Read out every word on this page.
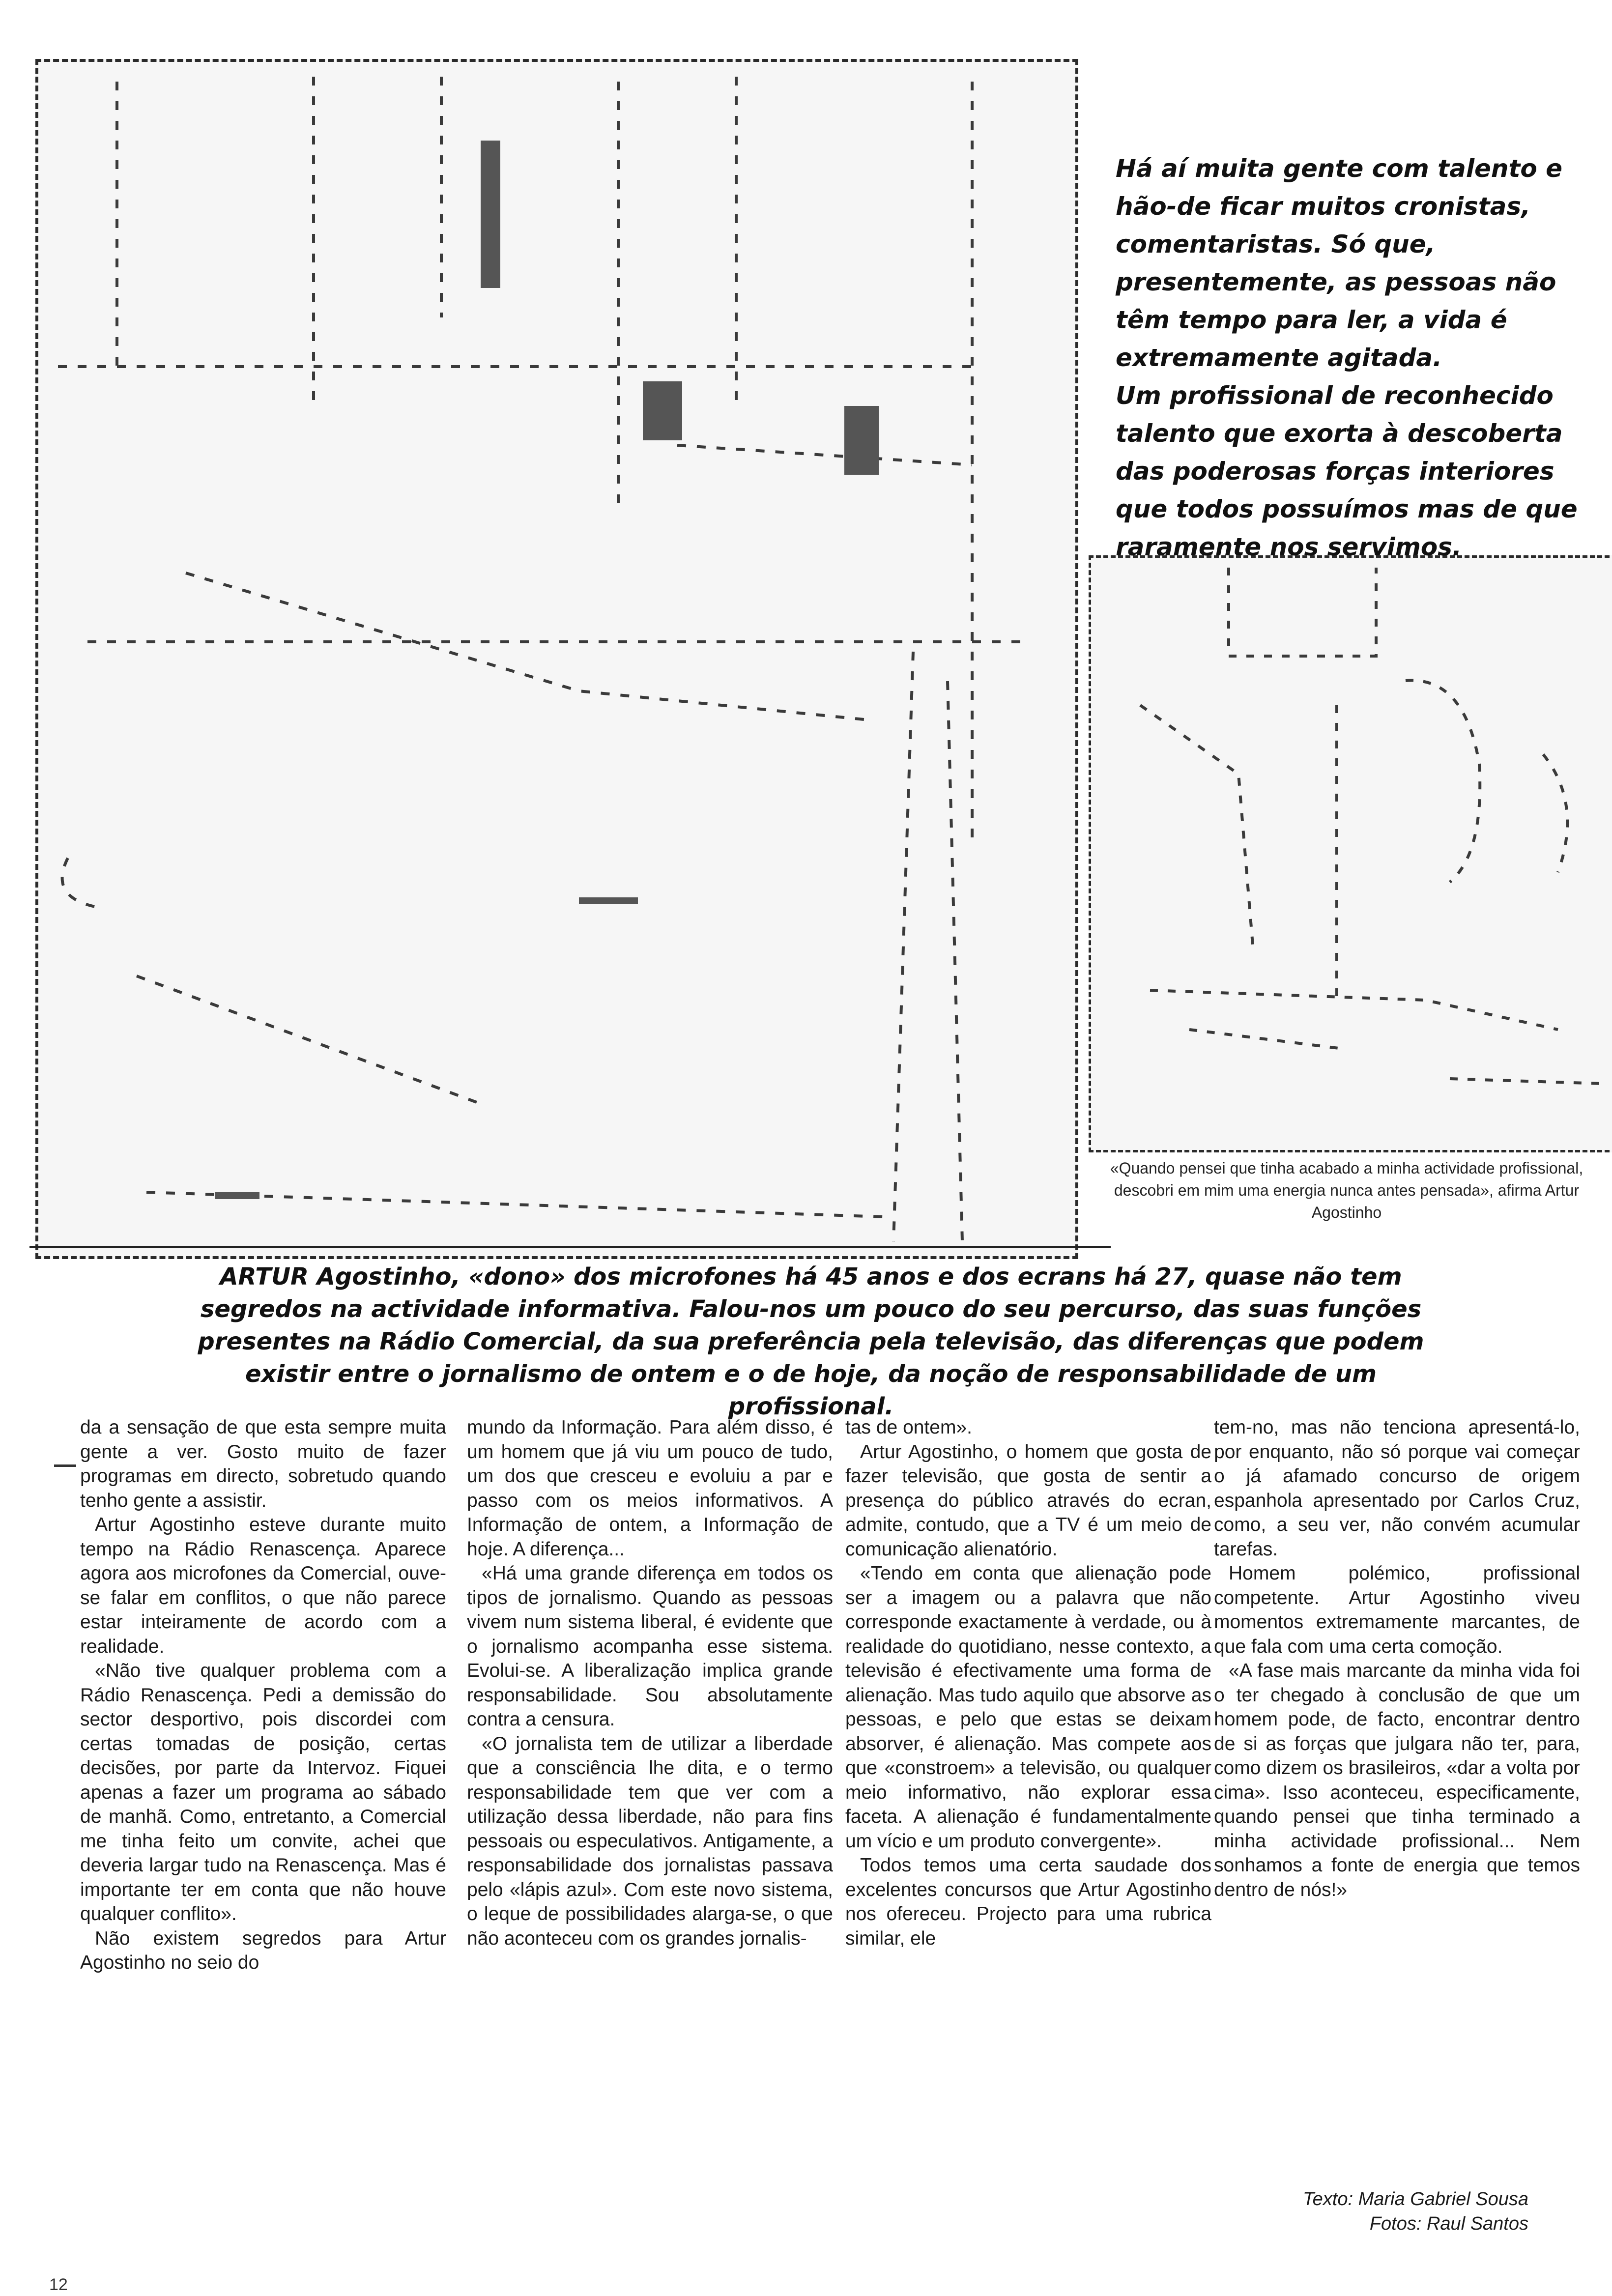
Há aí muita gente com talento e hão-de ficar muitos cronistas, comentaristas. Só que, presentemente, as pessoas não têm tempo para ler, a vida é extremamente agitada.

Um profissional de reconhecido talento que exorta à descoberta das poderosas forças interiores que todos possuímos mas de que raramente nos servimos.

«Quando pensei que tinha acabado a minha actividade profissional, descobri em mim uma energia nunca antes pensada», afirma Artur Agostinho
ARTUR Agostinho, «dono» dos microfones há 45 anos e dos ecrans há 27, quase não tem segredos na actividade informativa. Falou-nos um pouco do seu percurso, das suas funções presentes na Rádio Comercial, da sua preferência pela televisão, das diferenças que podem existir entre o jornalismo de ontem e o de hoje, da noção de responsabilidade de um profissional.

da a sensação de que esta sempre muita gente a ver. Gosto muito de fazer programas em directo, sobretudo quando tenho gente a assistir.

Artur Agostinho esteve durante muito tempo na Rádio Renascença. Aparece agora aos microfones da Comercial, ouve-se falar em conflitos, o que não parece estar inteiramente de acordo com a realidade.

«Não tive qualquer problema com a Rádio Renascença. Pedi a demissão do sector desportivo, pois discordei com certas tomadas de posição, certas decisões, por parte da Intervoz. Fiquei apenas a fazer um programa ao sábado de manhã. Como, entretanto, a Comercial me tinha feito um convite, achei que deveria largar tudo na Renascença. Mas é importante ter em conta que não houve qualquer conflito».

Não existem segredos para Artur Agostinho no seio do

mundo da Informação. Para além disso, é um homem que já viu um pouco de tudo, um dos que cresceu e evoluiu a par e passo com os meios informativos. A Informação de ontem, a Informação de hoje. A diferença...

«Há uma grande diferença em todos os tipos de jornalismo. Quando as pessoas vivem num sistema liberal, é evidente que o jornalismo acompanha esse sistema. Evolui-se. A liberalização implica grande responsabilidade. Sou absolutamente contra a censura.

«O jornalista tem de utilizar a liberdade que a consciência lhe dita, e o termo responsabilidade tem que ver com a utilização dessa liberdade, não para fins pessoais ou especulativos. Antigamente, a responsabilidade dos jornalistas passava pelo «lápis azul». Com este novo sistema, o leque de possibilidades alarga-se, o que não aconteceu com os grandes jornalis-

tas de ontem».

Artur Agostinho, o homem que gosta de fazer televisão, que gosta de sentir a presença do público através do ecran, admite, contudo, que a TV é um meio de comunicação alienatório.

«Tendo em conta que alienação pode ser a imagem ou a palavra que não corresponde exactamente à verdade, ou à realidade do quotidiano, nesse contexto, a televisão é efectivamente uma forma de alienação. Mas tudo aquilo que absorve as pessoas, e pelo que estas se deixam absorver, é alienação. Mas compete aos que «constroem» a televisão, ou qualquer meio informativo, não explorar essa faceta. A alienação é fundamentalmente um vício e um produto convergente».

Todos temos uma certa saudade dos excelentes concursos que Artur Agostinho nos ofereceu. Projecto para uma rubrica similar, ele

tem-no, mas não tenciona apresentá-lo, por enquanto, não só porque vai começar o já afamado concurso de origem espanhola apresentado por Carlos Cruz, como, a seu ver, não convém acumular tarefas.

Homem polémico, profissional competente. Artur Agostinho viveu momentos extremamente marcantes, de que fala com uma certa comoção.

«A fase mais marcante da minha vida foi o ter chegado à conclusão de que um homem pode, de facto, encontrar dentro de si as forças que julgara não ter, para, como dizem os brasileiros, «dar a volta por cima». Isso aconteceu, especificamente, quando pensei que tinha terminado a minha actividade profissional... Nem sonhamos a fonte de energia que temos dentro de nós!»

Texto: Maria Gabriel Sousa
Fotos: Raul Santos
12
